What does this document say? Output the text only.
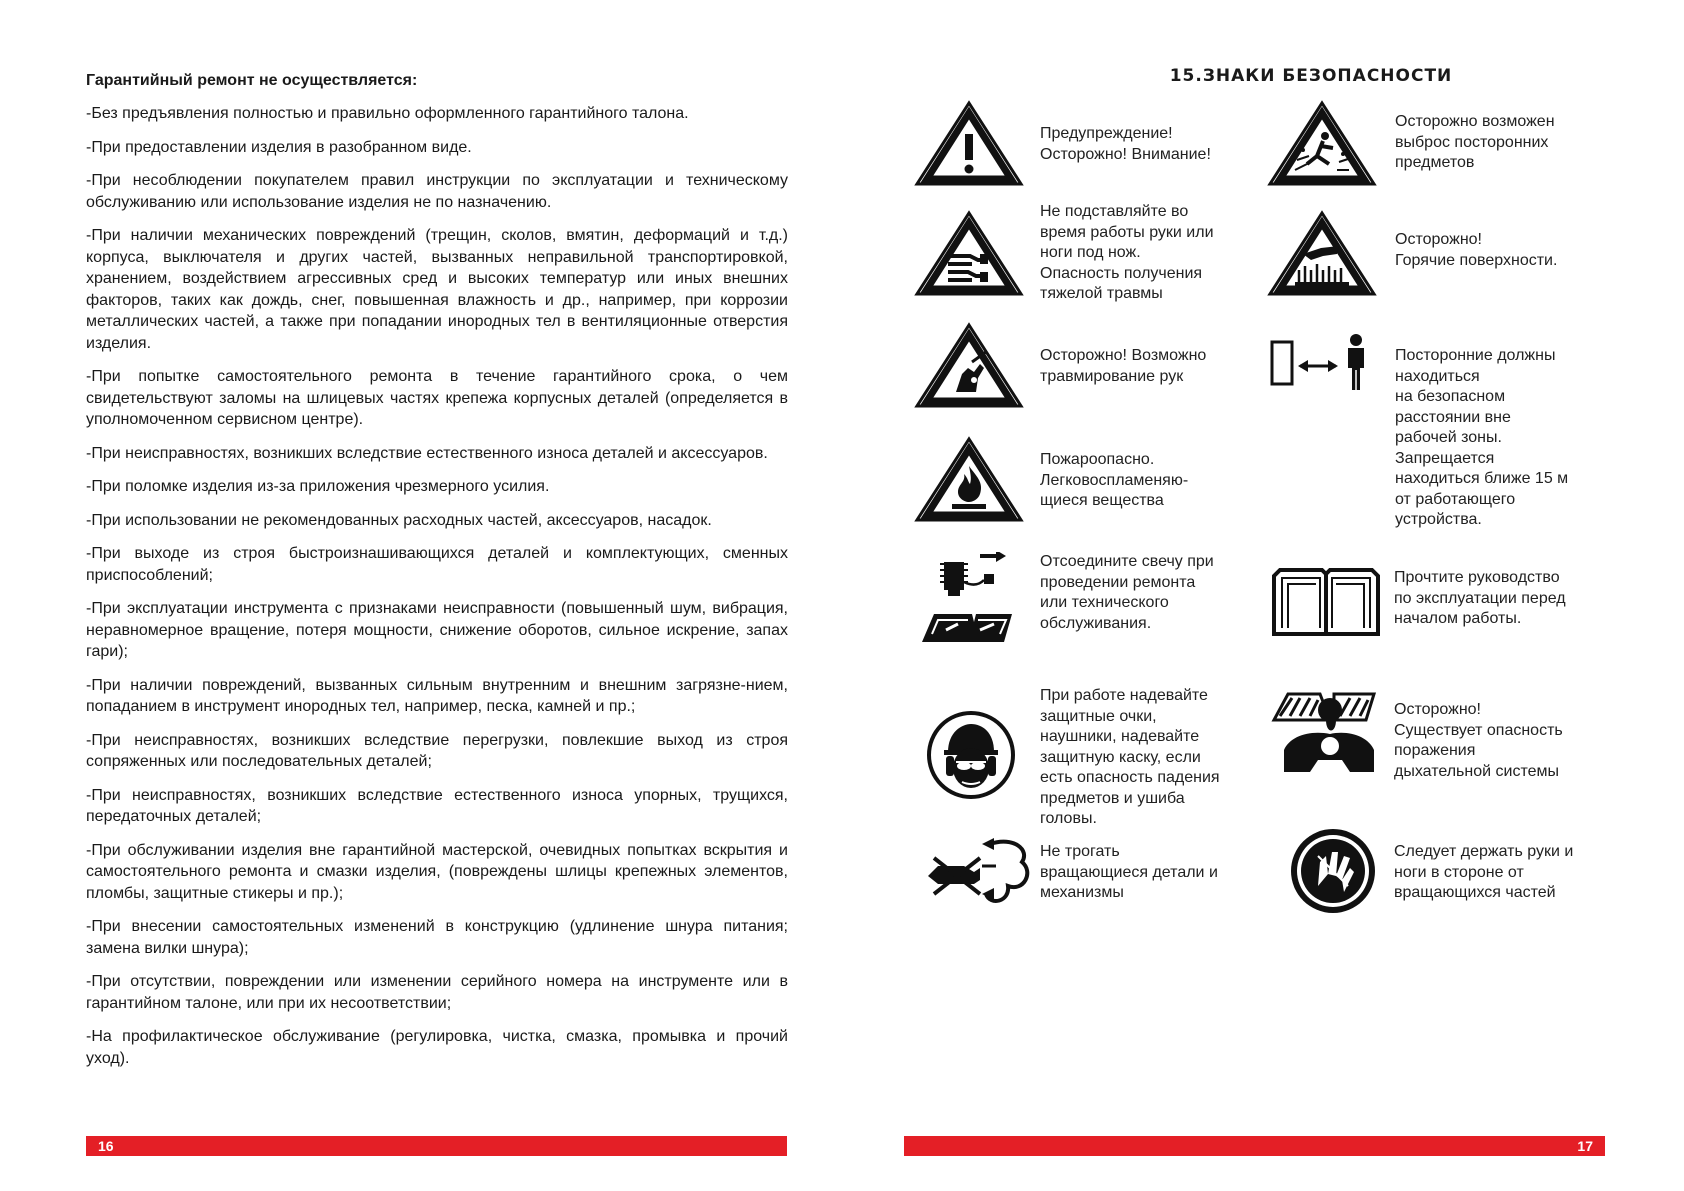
Гарантийный ремонт не осуществляется:

-Без предъявления полностью и правильно оформленного гарантийного талона.

-При предоставлении изделия в разобранном виде.

-При несоблюдении покупателем правил инструкции по эксплуатации и техническому обслуживанию или использование изделия не по назначению.

-При наличии механических повреждений (трещин, сколов, вмятин, деформаций и т.д.) корпуса, выключателя и других частей, вызванных неправильной транспортировкой, хранением, воздействием агрессивных сред и высоких температур или иных внешних факторов, таких как дождь, снег, повышенная влажность и др., например, при коррозии металлических частей, а также при попадании инородных тел в вентиляционные отверстия изделия.

-При попытке самостоятельного ремонта в течение гарантийного срока, о чем свидетельствуют заломы на шлицевых частях крепежа корпусных деталей (определяется в уполномоченном сервисном центре).

-При неисправностях, возникших вследствие естественного износа деталей и аксессуаров.

-При поломке изделия из-за приложения чрезмерного усилия.

-При использовании не рекомендованных расходных частей, аксессуаров, насадок.

-При выходе из строя быстроизнашивающихся деталей и комплектующих, сменных приспособлений;

-При эксплуатации инструмента с признаками неисправности (повышенный шум, вибрация, неравномерное вращение, потеря мощности, снижение оборотов, сильное искрение, запах гари);

-При наличии повреждений, вызванных сильным внутренним и внешним загрязне-нием, попаданием в инструмент инородных тел, например, песка, камней и пр.;

-При неисправностях, возникших вследствие перегрузки, повлекшие выход из строя сопряженных или последовательных деталей;

-При неисправностях, возникших вследствие естественного износа упорных, трущихся, передаточных деталей;

-При обслуживании изделия вне гарантийной мастерской, очевидных попытках вскрытия и самостоятельного ремонта и смазки изделия, (повреждены шлицы крепежных элементов, пломбы, защитные стикеры и пр.);

-При внесении самостоятельных изменений в конструкцию (удлинение шнура питания; замена вилки шнура);

-При отсутствии, повреждении или изменении серийного номера на инструменте или в гарантийном талоне, или при их несоответствии;

-На профилактическое обслуживание (регулировка, чистка, смазка, промывка и прочий уход).

16
15.ЗНАКИ БЕЗОПАСНОСТИ
Предупреждение!
Осторожно! Внимание!
Осторожно возможен
выброс посторонних
предметов
Не подставляйте во
время работы руки или
ноги под нож.
Опасность получения
тяжелой травмы
Осторожно!
Горячие поверхности.
Осторожно! Возможно
травмирование рук
Посторонние должны
находиться
на безопасном
расстоянии вне
рабочей зоны.
Запрещается
находиться ближе 15 м
от работающего
устройства.
Пожароопасно.
Легковоспламеняю-
щиеся вещества
Отсоедините свечу при
проведении ремонта
или технического
обслуживания.
Прочтите руководство
по эксплуатации перед
началом работы.
При работе надевайте
защитные очки,
наушники, надевайте
защитную каску, если
есть опасность падения
предметов и ушиба
головы.
Осторожно!
Существует опасность
поражения
дыхательной системы
Не трогать
вращающиеся детали и
механизмы
Следует держать руки и
ноги в стороне от
вращающихся частей
17
